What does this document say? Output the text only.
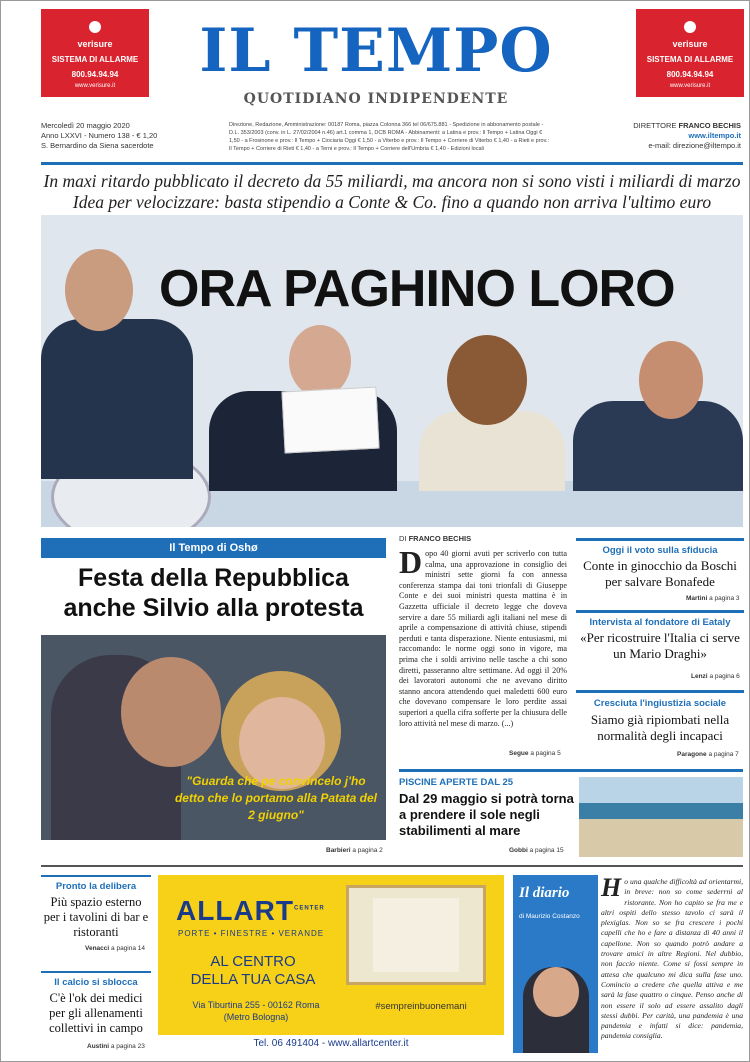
verisure
SISTEMA DI ALLARME
800.94.94.94
www.verisure.it
verisure
SISTEMA DI ALLARME
800.94.94.94
www.verisure.it
IL TEMPO
QUOTIDIANO INDIPENDENTE
Mercoledì 20 maggio 2020
Anno LXXVI - Numero 138 - € 1,20
S. Bernardino da Siena sacerdote
Direzione, Redazione, Amministrazione: 00187 Roma, piazza Colonna 366 tel 06/675.881 - Spedizione in abbonamento postale - D.L. 353/2003 (conv. in L. 27/02/2004 n.46) art.1 comma 1, DCB ROMA - Abbinamenti: a Latina e prov.: Il Tempo + Latina Oggi € 1,50 - a Frosinone e prov.: Il Tempo + Ciociaria Oggi € 1,50 - a Viterbo e prov.: Il Tempo + Corriere di Viterbo € 1,40 - a Rieti e prov.: Il Tempo + Corriere di Rieti € 1,40 - a Terni e prov.: Il Tempo + Corriere dell'Umbria € 1,40 - Edizioni locali
DIRETTORE FRANCO BECHIS
www.iltempo.it
e-mail: direzione@iltempo.it
In maxi ritardo pubblicato il decreto da 55 miliardi, ma ancora non si sono visti i miliardi di marzo
Idea per velocizzare: basta stipendio a Conte & Co. fino a quando non arriva l'ultimo euro
ORA PAGHINO LORO
Il Tempo di Oshø
Festa della Repubblica
anche Silvio alla protesta
"Guarda che pe convincelo j'ho detto che lo portamo alla Patata del 2 giugno"
Barbieri a pagina 2
DI FRANCO BECHIS
Dopo 40 giorni avuti per scriverlo con tutta calma, una approvazione in consiglio dei ministri sette giorni fa con annessa conferenza stampa dai toni trionfali di Giuseppe Conte e dei suoi ministri questa mattina è in Gazzetta ufficiale il decreto legge che doveva servire a dare 55 miliardi agli italiani nel mese di aprile a compensazione di attività chiuse, stipendi perduti e tanta disperazione. Niente entusiasmi, mi raccomando: le norme oggi sono in vigore, ma prima che i soldi arrivino nelle tasche a chi sono diretti, passeranno altre settimane. Ad oggi il 20% dei lavoratori autonomi che ne avevano diritto stanno ancora attendendo quei maledetti 600 euro che dovevano compensare le loro perdite assai superiori a quella cifra sofferte per la chiusura delle loro attività nel mese di marzo. (...)
Segue a pagina 5
Oggi il voto sulla sfiducia
Conte in ginocchio da Boschi per salvare Bonafede
Martini a pagina 3
Intervista al fondatore di Eataly
«Per ricostruire l'Italia ci serve un Mario Draghi»
Lenzi a pagina 6
Cresciuta l'ingiustizia sociale
Siamo già ripiombati nella normalità degli incapaci
Paragone a pagina 7
PISCINE APERTE DAL 25
Dal 29 maggio si potrà torna a prendere il sole negli stabilimenti al mare
Gobbi a pagina 15
Pronto la delibera
Più spazio esterno per i tavolini di bar e ristoranti
Venacci a pagina 14
Il calcio si sblocca
C'è l'ok dei medici per gli allenamenti collettivi in campo
Austini a pagina 23
$ALLART^{CENTER}$
PORTE • FINESTRE • VERANDE
AL CENTRO
DELLA TUA CASA
Via Tiburtina 255 - 00162 Roma
(Metro Bologna)
#sempreinbuonemani
Tel. 06 491404 - www.allartcenter.it
Il diario
di Maurizio Costanzo
Ho una qualche difficoltà ad orientarmi, in breve: non so come sederrni al ristorante. Non ho capito se fra me e altri ospiti dello stesso tavolo ci sarà il plexiglas. Non so se fra crescere i pochi capelli che ho e fare a distanza di 40 anni il capellone. Non so quando potrò andare a trovare amici in altre Regioni. Nel dubbio, non faccio niente. Come si fossi sempre in attesa che qualcuno mi dica sulla fase uno. Comincio a credere che quella attiva e me sarà la fase quattro o cinque. Penso anche di non essere il solo ad essere assalito dagli stessi dubbi. Per carità, una pandemia è una pandemia e infatti si dice: pandemia, pandemia consiglia.
